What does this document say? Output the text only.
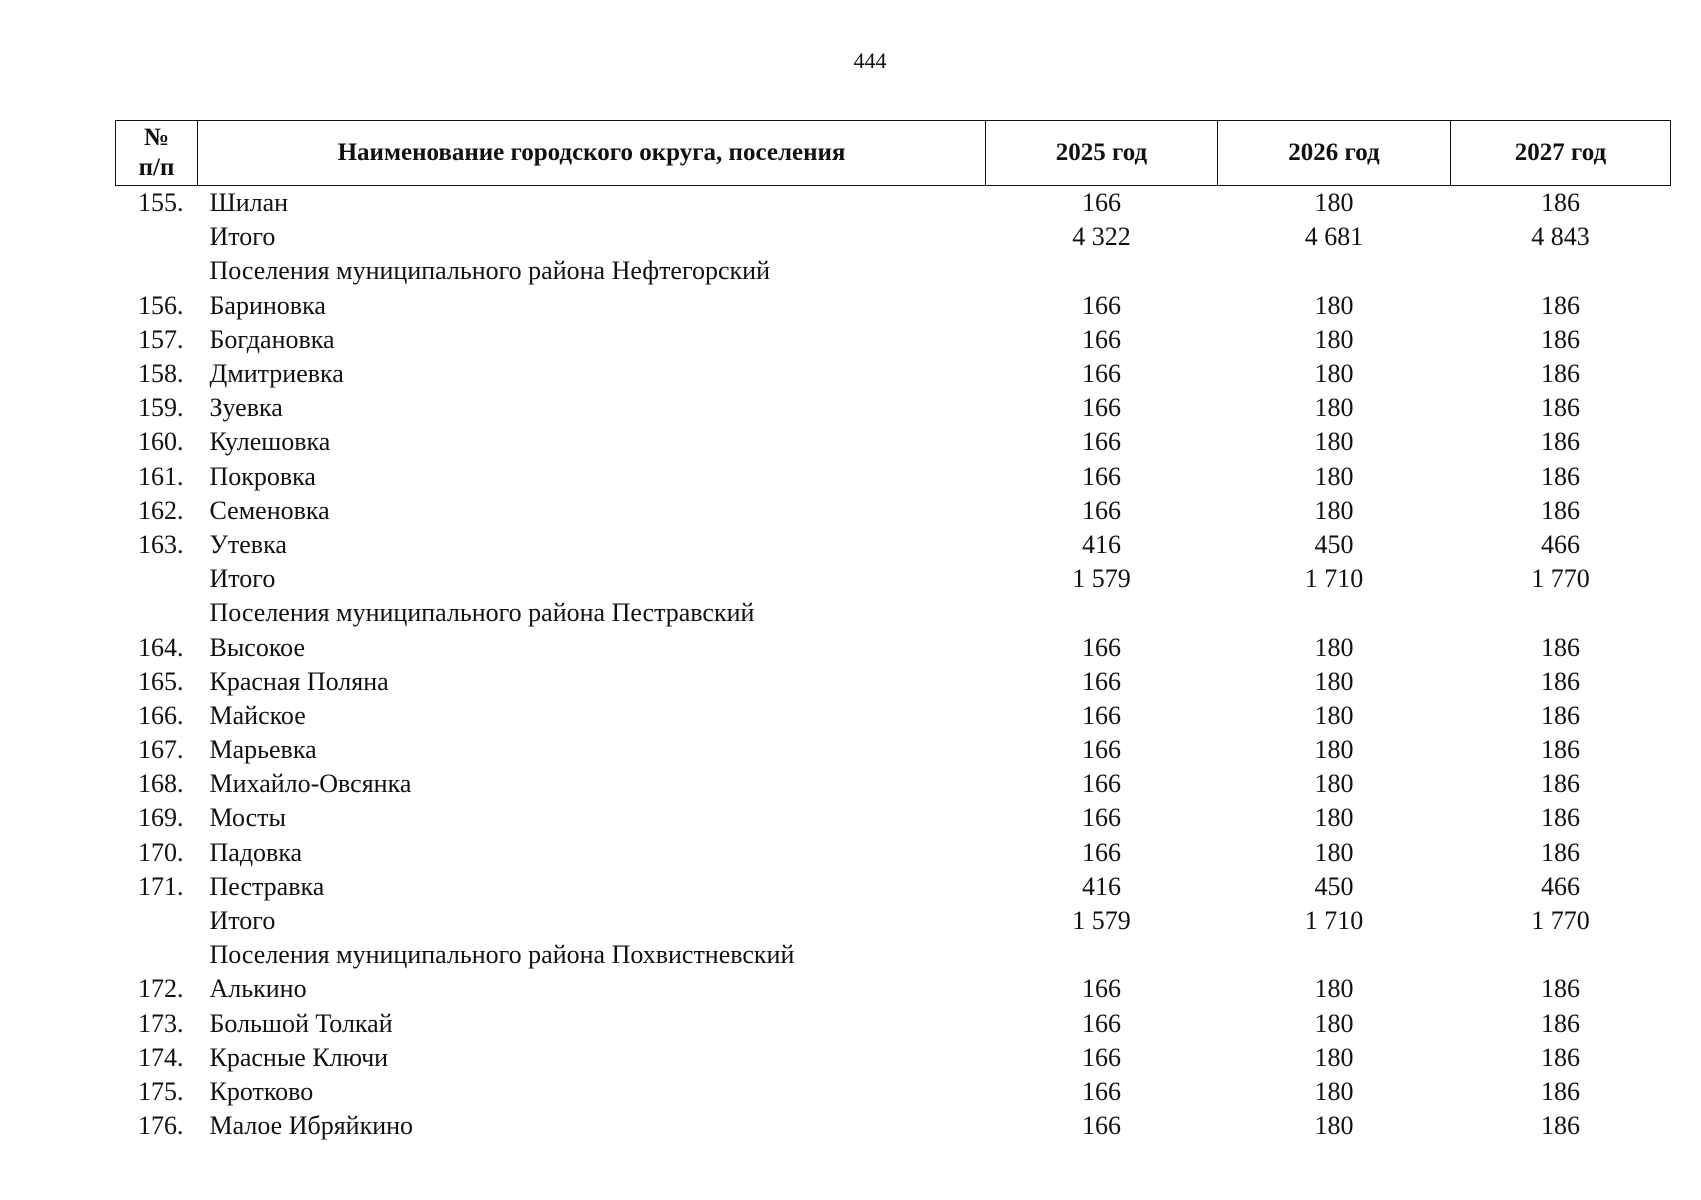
444
№
п/п	Наименование городского округа, поселения	2025 год	2026 год	2027 год
155.	Шилан	166	180	186
	Итого	4 322	4 681	4 843
	Поселения муниципального района Нефтегорский			
156.	Бариновка	166	180	186
157.	Богдановка	166	180	186
158.	Дмитриевка	166	180	186
159.	Зуевка	166	180	186
160.	Кулешовка	166	180	186
161.	Покровка	166	180	186
162.	Семеновка	166	180	186
163.	Утевка	416	450	466
	Итого	1 579	1 710	1 770
	Поселения муниципального района Пестравский			
164.	Высокое	166	180	186
165.	Красная Поляна	166	180	186
166.	Майское	166	180	186
167.	Марьевка	166	180	186
168.	Михайло-Овсянка	166	180	186
169.	Мосты	166	180	186
170.	Падовка	166	180	186
171.	Пестравка	416	450	466
	Итого	1 579	1 710	1 770
	Поселения муниципального района Похвистневский			
172.	Алькино	166	180	186
173.	Большой Толкай	166	180	186
174.	Красные Ключи	166	180	186
175.	Кротково	166	180	186
176.	Малое Ибряйкино	166	180	186
